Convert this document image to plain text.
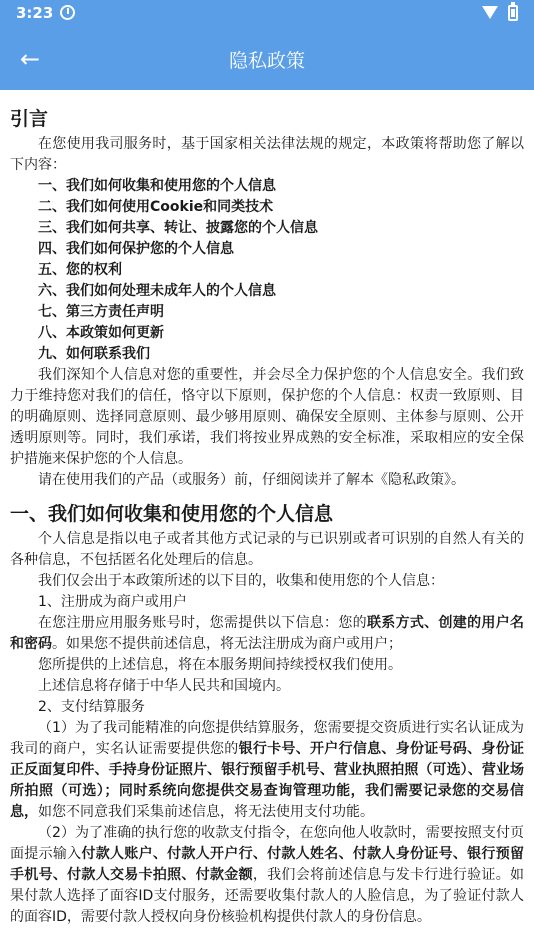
3:23
←	隐私政策
引言

在您使用我司服务时，基于国家相关法律法规的规定，本政策将帮助您了解以下内容：

一、我们如何收集和使用您的个人信息
二、我们如何使用Cookie和同类技术
三、我们如何共享、转让、披露您的个人信息
四、我们如何保护您的个人信息
五、您的权利
六、我们如何处理未成年人的个人信息
七、第三方责任声明
八、本政策如何更新
九、如何联系我们

我们深知个人信息对您的重要性，并会尽全力保护您的个人信息安全。我们致力于维持您对我们的信任，恪守以下原则，保护您的个人信息：权责一致原则、目的明确原则、选择同意原则、最少够用原则、确保安全原则、主体参与原则、公开透明原则等。同时，我们承诺，我们将按业界成熟的安全标准，采取相应的安全保护措施来保护您的个人信息。

请在使用我们的产品（或服务）前，仔细阅读并了解本《隐私政策》。

一、我们如何收集和使用您的个人信息

个人信息是指以电子或者其他方式记录的与已识别或者可识别的自然人有关的各种信息，不包括匿名化处理后的信息。

我们仅会出于本政策所述的以下目的，收集和使用您的个人信息：

1、注册成为商户或用户

在您注册应用服务账号时，您需提供以下信息：您的联系方式、创建的用户名和密码。如果您不提供前述信息，将无法注册成为商户或用户；

您所提供的上述信息，将在本服务期间持续授权我们使用。
上述信息将存储于中华人民共和国境内。
2、支付结算服务

（1）为了我司能精准的向您提供结算服务，您需要提交资质进行实名认证成为我司的商户，实名认证需要提供您的银行卡号、开户行信息、身份证号码、身份证正反面复印件、手持身份证照片、银行预留手机号、营业执照拍照（可选）、营业场所拍照（可选）；同时系统向您提供交易查询管理功能，我们需要记录您的交易信息，如您不同意我们采集前述信息，将无法使用支付功能。

（2）为了准确的执行您的收款支付指令，在您向他人收款时，需要按照支付页面提示输入付款人账户、付款人开户行、付款人姓名、付款人身份证号、银行预留手机号、付款人交易卡拍照、付款金额，我们会将前述信息与发卡行进行验证。如果付款人选择了面容ID支付服务，还需要收集付款人的人脸信息，为了验证付款人的面容ID，需要付款人授权向身份核验机构提供付款人的身份信息。
